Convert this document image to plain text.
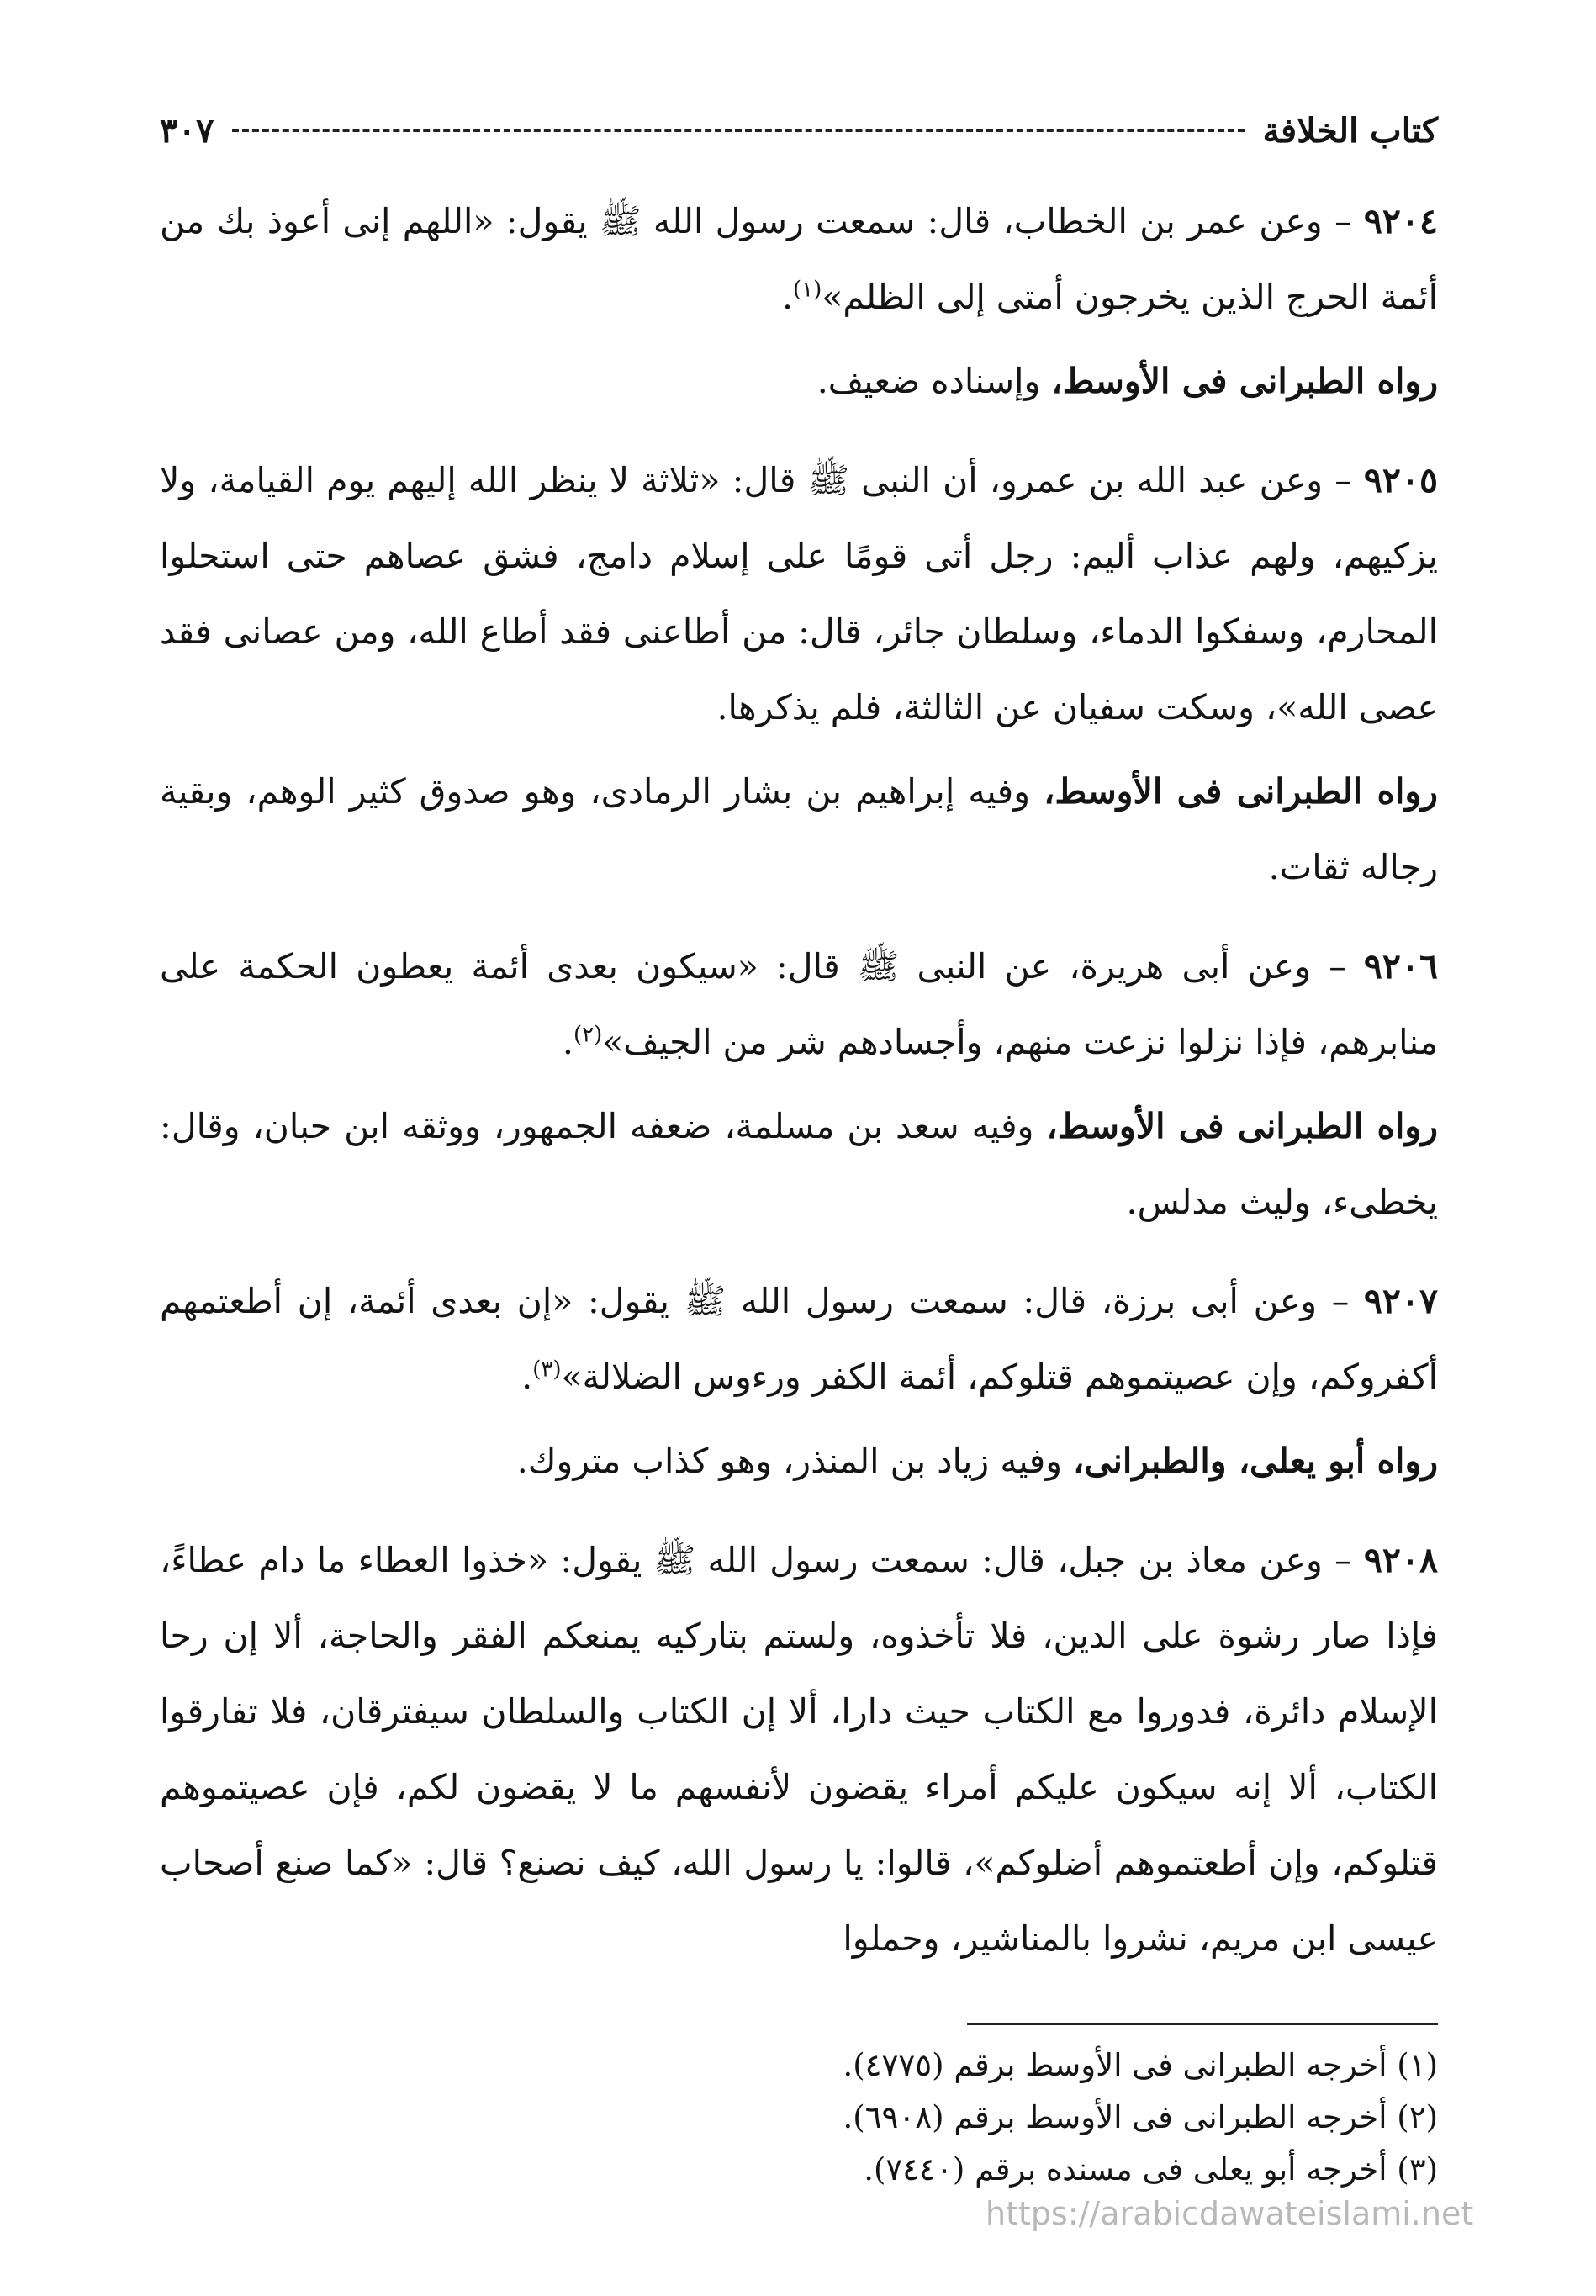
كتاب الخلافة
٣٠٧

٩٢٠٤ – وعن عمر بن الخطاب، قال: سمعت رسول الله ﷺ يقول: «اللهم إنى أعوذ بك من أئمة الحرج الذين يخرجون أمتى إلى الظلم»$^{(١)}$.

رواه الطبرانى فى الأوسط، وإسناده ضعيف.

٩٢٠٥ – وعن عبد الله بن عمرو، أن النبى ﷺ قال: «ثلاثة لا ينظر الله إليهم يوم القيامة، ولا يزكيهم، ولهم عذاب أليم: رجل أتى قومًا على إسلام دامج، فشق عصاهم حتى استحلوا المحارم، وسفكوا الدماء، وسلطان جائر، قال: من أطاعنى فقد أطاع الله، ومن عصانى فقد عصى الله»، وسكت سفيان عن الثالثة، فلم يذكرها.

رواه الطبرانى فى الأوسط، وفيه إبراهيم بن بشار الرمادى، وهو صدوق كثير الوهم، وبقية رجاله ثقات.

٩٢٠٦ – وعن أبى هريرة، عن النبى ﷺ قال: «سيكون بعدى أئمة يعطون الحكمة على منابرهم، فإذا نزلوا نزعت منهم، وأجسادهم شر من الجيف»$^{(٢)}$.

رواه الطبرانى فى الأوسط، وفيه سعد بن مسلمة، ضعفه الجمهور، ووثقه ابن حبان، وقال: يخطىء، وليث مدلس.

٩٢٠٧ – وعن أبى برزة، قال: سمعت رسول الله ﷺ يقول: «إن بعدى أئمة، إن أطعتمهم أكفروكم، وإن عصيتموهم قتلوكم، أئمة الكفر ورءوس الضلالة»$^{(٣)}$.

رواه أبو يعلى، والطبرانى، وفيه زياد بن المنذر، وهو كذاب متروك.

٩٢٠٨ – وعن معاذ بن جبل، قال: سمعت رسول الله ﷺ يقول: «خذوا العطاء ما دام عطاءً، فإذا صار رشوة على الدين، فلا تأخذوه، ولستم بتاركيه يمنعكم الفقر والحاجة، ألا إن رحا الإسلام دائرة، فدوروا مع الكتاب حيث دارا، ألا إن الكتاب والسلطان سيفترقان، فلا تفارقوا الكتاب، ألا إنه سيكون عليكم أمراء يقضون لأنفسهم ما لا يقضون لكم، فإن عصيتموهم قتلوكم، وإن أطعتموهم أضلوكم»، قالوا: يا رسول الله، كيف نصنع؟ قال: «كما صنع أصحاب عيسى ابن مريم، نشروا بالمناشير، وحملوا

(١) أخرجه الطبرانى فى الأوسط برقم (٤٧٧٥).
(٢) أخرجه الطبرانى فى الأوسط برقم (٦٩٠٨).
(٣) أخرجه أبو يعلى فى مسنده برقم (٧٤٤٠).
https://arabicdawateislami.net
